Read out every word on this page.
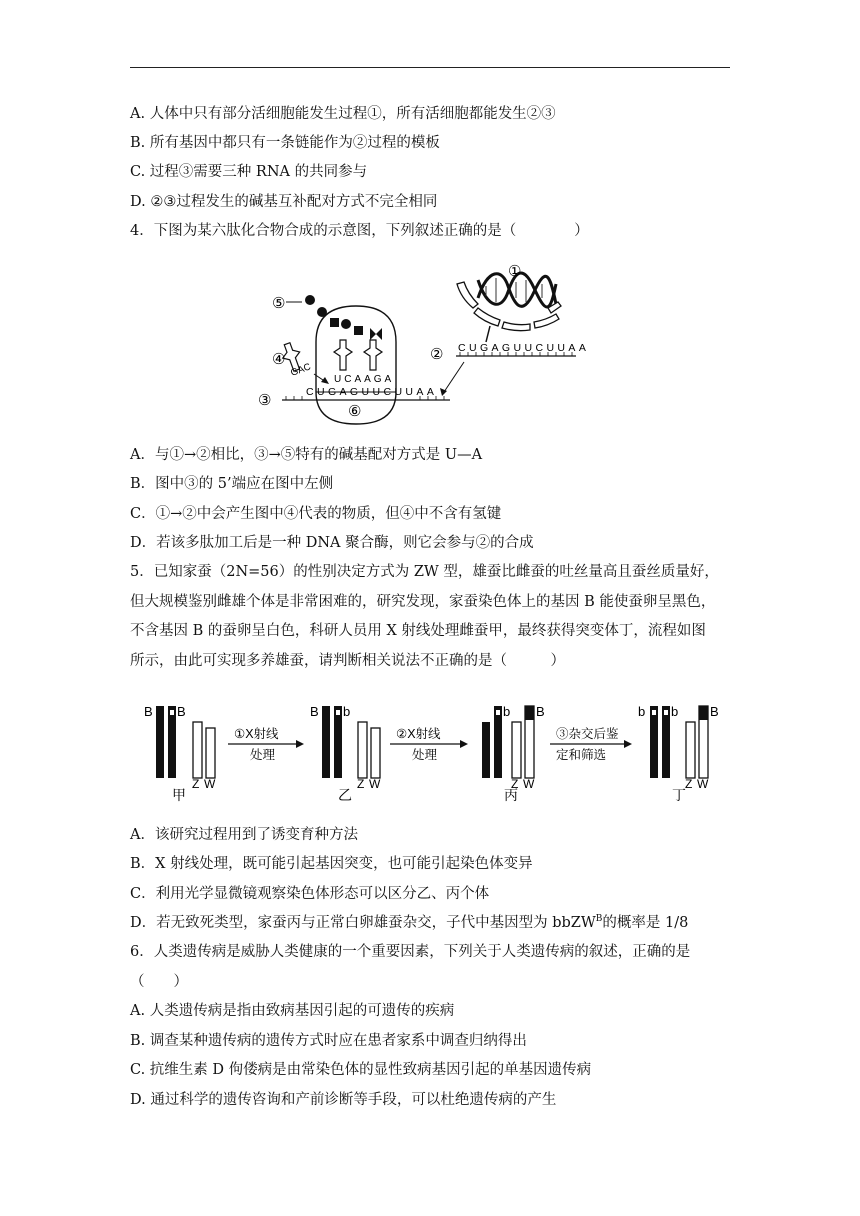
A. 人体中只有部分活细胞能发生过程①，所有活细胞都能发生②③
B. 所有基因中都只有一条链能作为②过程的模板
C. 过程③需要三种 RNA 的共同参与
D. ②③过程发生的碱基互补配对方式不完全相同
4．下图为某六肽化合物合成的示意图，下列叙述正确的是（　　　　）
①
CUGAGUUCUUAA
②
⑥
⑤
GAC
④
UCAAGA
CUGAGUUCUUAA
③
A．与①→②相比，③→⑤特有的碱基配对方式是 U—A
B．图中③的 5’端应在图中左侧
C．①→②中会产生图中④代表的物质，但④中不含有氢键
D．若该多肽加工后是一种 DNA 聚合酶，则它会参与②的合成
5．已知家蚕（2N=56）的性别决定方式为 ZW 型，雄蚕比雌蚕的吐丝量高且蚕丝质量好，
但大规模鉴别雌雄个体是非常困难的，研究发现，家蚕染色体上的基因 B 能使蚕卵呈黑色，
不含基因 B 的蚕卵呈白色，科研人员用 X 射线处理雌蚕甲，最终获得突变体丁，流程如图
所示，由此可实现多养雄蚕，请判断相关说法不正确的是（　　　）
B B
Z W
甲
①X射线
处理
B b
Z W
乙
②X射线
处理
b B
Z W
丙
③杂交后鉴
定和筛选
b b B
Z W
丁
A．该研究过程用到了诱变育种方法
B．X 射线处理，既可能引起基因突变，也可能引起染色体变异
C．利用光学显微镜观察染色体形态可以区分乙、丙个体
D．若无致死类型，家蚕丙与正常白卵雄蚕杂交，子代中基因型为 bbZW$^B$的概率是 1/8
6．人类遗传病是威胁人类健康的一个重要因素，下列关于人类遗传病的叙述，正确的是
（　　）
A. 人类遗传病是指由致病基因引起的可遗传的疾病
B. 调查某种遗传病的遗传方式时应在患者家系中调查归纳得出
C. 抗维生素 D 佝偻病是由常染色体的显性致病基因引起的单基因遗传病
D. 通过科学的遗传咨询和产前诊断等手段，可以杜绝遗传病的产生
